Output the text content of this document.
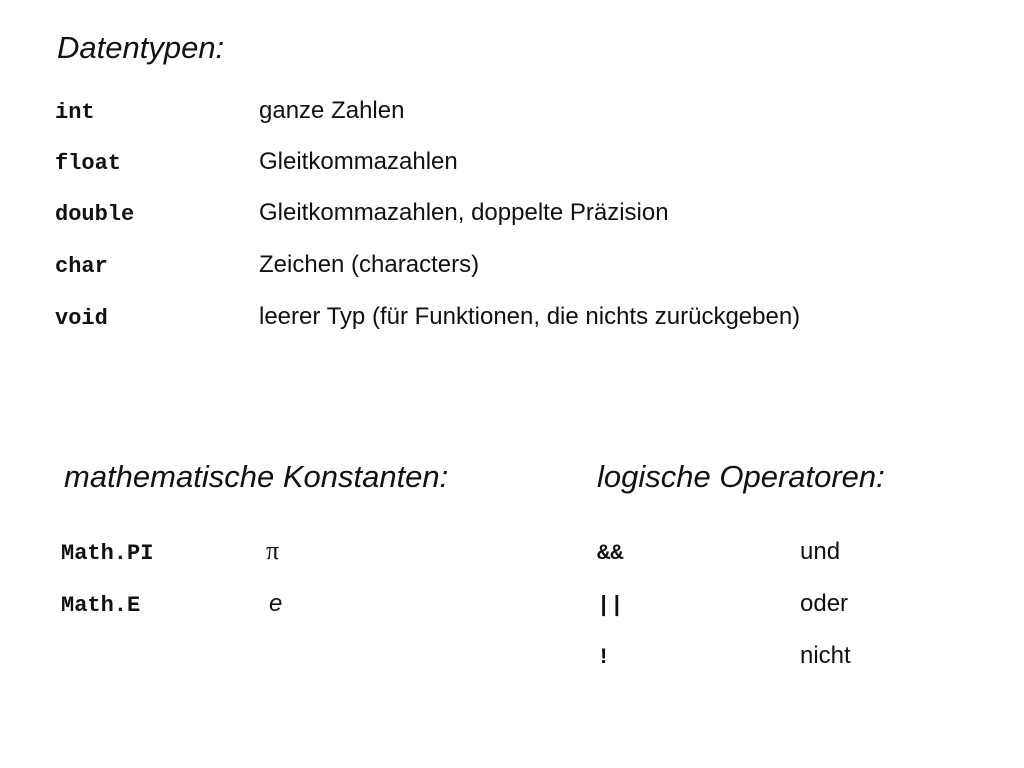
Datentypen:
int	ganze Zahlen
float	Gleitkommazahlen
double	Gleitkommazahlen, doppelte Präzision
char	Zeichen (characters)
void	leerer Typ (für Funktionen, die nichts zurückgeben)
mathematische Konstanten:
Math.PI	π
Math.E	e
logische Operatoren:
&&	und
||	oder
!	nicht
